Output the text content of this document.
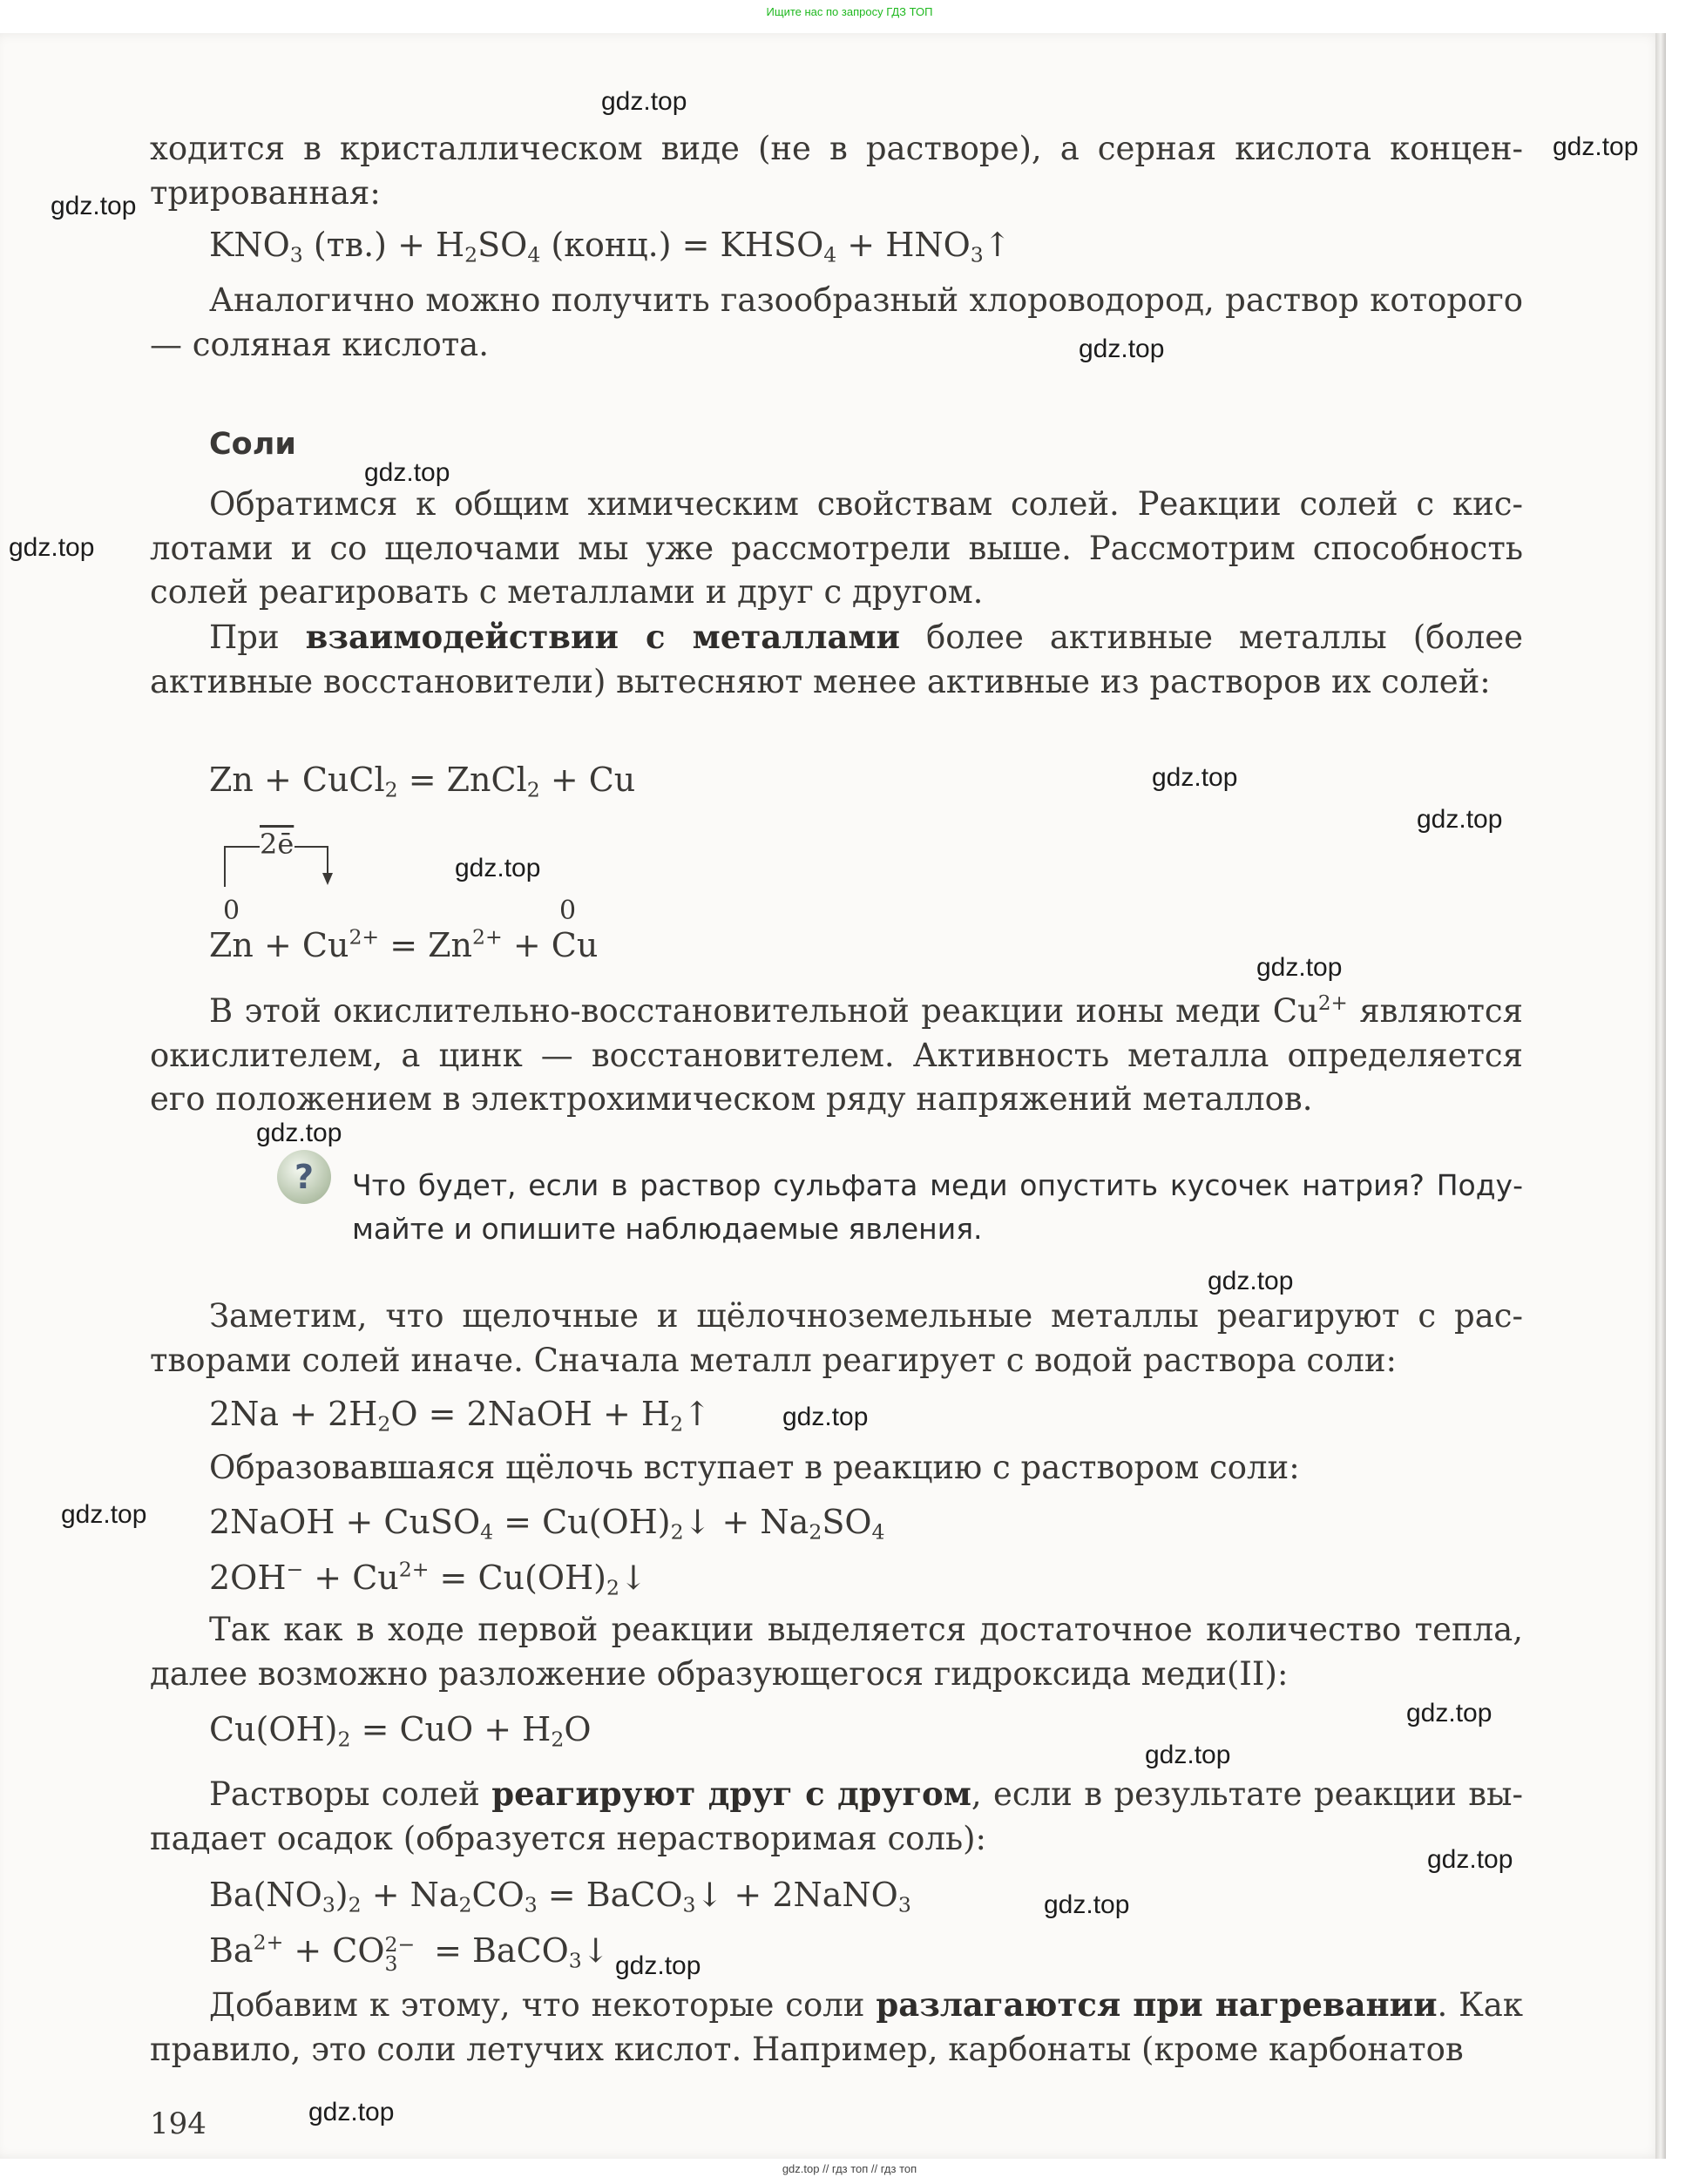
Ищите нас по запросу ГДЗ ТОП
gdz.top
gdz.top
gdz.top
gdz.top
gdz.top
gdz.top
gdz.top
gdz.top
gdz.top
gdz.top
gdz.top
gdz.top
gdz.top
gdz.top
gdz.top
gdz.top
gdz.top
gdz.top
gdz.top
gdz.top
ходится в кристаллическом виде (не в растворе), а серная кислота концен-
трированная:
$KNO_3$ $(тв.) + H_2SO_4$ (конц.) = $KHSO_4$ + $HNO_3↑$
Аналогично можно получить газообразный хлороводород, раствор которого — соляная кислота.
Соли
Обратимся к общим химическим свойствам солей. Реакции солей с кислотами и со щелочами мы уже рассмотрели выше. Рассмотрим способность солей реагировать с металлами и друг с другом.
При взаимодействии с металлами более активные металлы (более активные восстановители) вытесняют менее активные из растворов их солей:
Zn + CuCl$_2$ = ZnCl$_2$ + Cu
2ē
0	0
$Zn + Cu^{2+} = Zn^{2+} + Cu$
В этой окислительно-восстановительной реакции ионы меди $Cu^{2+}$ являются окислителем, а цинк — восстановителем. Активность металла определяется его положением в электрохимическом ряду напряжений металлов.
?	Что будет, если в раствор сульфата меди опустить кусочек натрия? Подумайте и опишите наблюдаемые явления.
Заметим, что щелочные и щёлочноземельные металлы реагируют с растворами солей иначе. Сначала металл реагирует с водой раствора соли:
$2Na + 2H_2O$ = 2NaOH + $H_2↑$
Образовавшаяся щёлочь вступает в реакцию с раствором соли:
2NaOH + CuSO$_4$ = $Cu(OH)_2↓ + Na_2SO_4$
$2OH^- + Cu^{2+}$ = $Cu(OH)_2↓$
Так как в ходе первой реакции выделяется достаточное количество тепла, далее возможно разложение образующегося гидроксида меди(II):
$Cu(OH)_2$ = CuO + $H_2O$
Растворы солей реагируют друг с другом, если в результате реакции выпадает осадок (образуется нерастворимая соль):
$Ba(NO_3)_2 + Na_2CO_3$ = BaCO$_3$↓ + 2NaNO$_3$
$Ba^{2+}$ + CO 2−
3 = BaCO$_3$↓
Добавим к этому, что некоторые соли разлагаются при нагревании. Как правило, это соли летучих кислот. Например, карбонаты (кроме карбонатов
194
gdz.top // гдз топ // гдз топ
